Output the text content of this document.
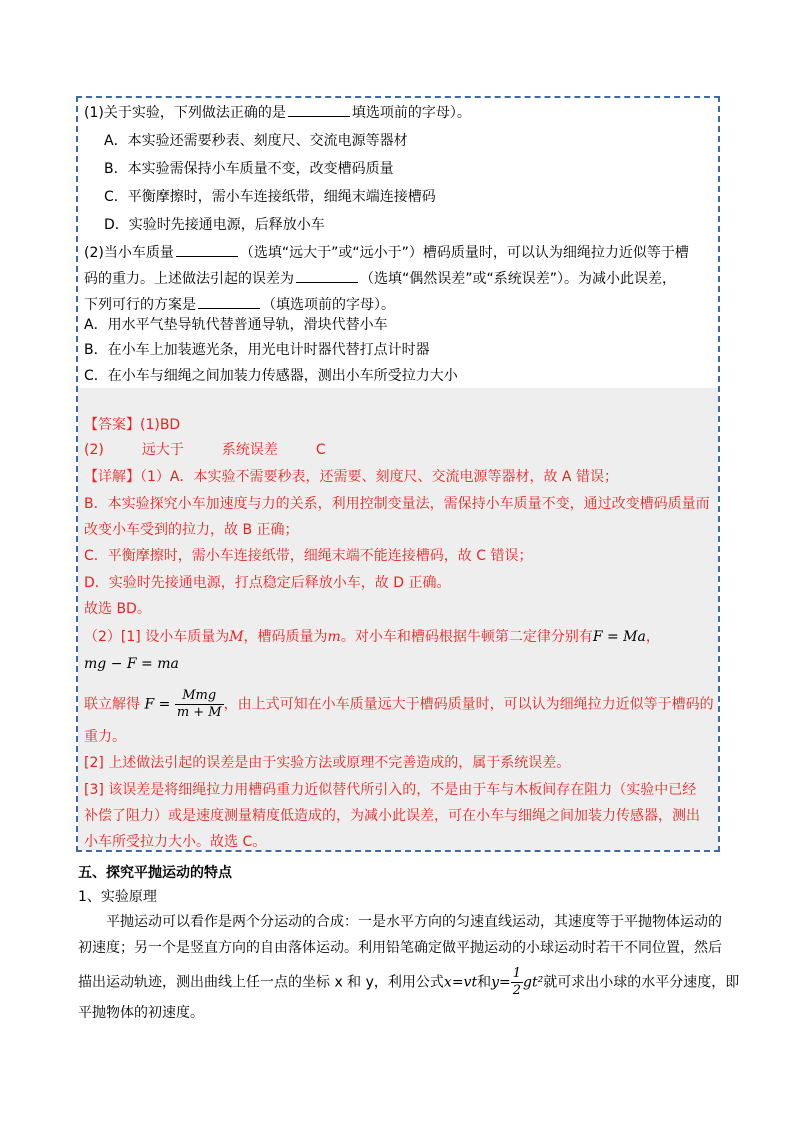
(1)关于实验，下列做法正确的是	填选项前的字母）。
A．本实验还需要秒表、刻度尺、交流电源等器材
B．本实验需保持小车质量不变，改变槽码质量
C．平衡摩擦时，需小车连接纸带，细绳末端连接槽码
D．实验时先接通电源，后释放小车
(2)当小车质量	（选填“远大于”或“远小于”）槽码质量时，可以认为细绳拉力近似等于槽
码的重力。上述做法引起的误差为	（选填“偶然误差”或“系统误差”）。为减小此误差，
下列可行的方案是	（填选项前的字母）。
A．用水平气垫导轨代替普通导轨，滑块代替小车
B．在小车上加装遮光条，用光电计时器代替打点计时器
C．在小车与细绳之间加装力传感器，测出小车所受拉力大小
【答案】(1)BD
(2)	远大于	系统误差	C
【详解】（1）A．本实验不需要秒表，还需要、刻度尺、交流电源等器材，故 A 错误；
B．本实验探究小车加速度与力的关系，利用控制变量法，需保持小车质量不变，通过改变槽码质量而
改变小车受到的拉力，故 B 正确；
C．平衡摩擦时，需小车连接纸带，细绳末端不能连接槽码，故 C 错误；
D．实验时先接通电源，打点稳定后释放小车，故 D 正确。
故选 BD。
（2）[1] 设小车质量为M，槽码质量为m。对小车和槽码根据牛顿第二定律分别有F = Ma，
mg − F = ma
联立解得 $F = \frac{\text{Mmg}}{m + M}$ ，由上式可知在小车质量远大于槽码质量时，可以认为细绳拉力近似等于槽码的
重力。
[2] 上述做法引起的误差是由于实验方法或原理不完善造成的，属于系统误差。
[3] 该误差是将细绳拉力用槽码重力近似替代所引入的，不是由于车与木板间存在阻力（实验中已经
补偿了阻力）或是速度测量精度低造成的，为减小此误差，可在小车与细绳之间加装力传感器，测出
小车所受拉力大小。故选 C。
五、探究平抛运动的特点
1、实验原理
平抛运动可以看作是两个分运动的合成：一是水平方向的匀速直线运动，其速度等于平抛物体运动的
初速度；另一个是竖直方向的自由落体运动。利用铅笔确定做平抛运动的小球运动时若干不同位置，然后
描出运动轨迹，测出曲线上任一点的坐标 x 和 y，利用公式x=vt和$y= \frac{1}{2} gt^2$就可求出小球的水平分速度，即
平抛物体的初速度。
